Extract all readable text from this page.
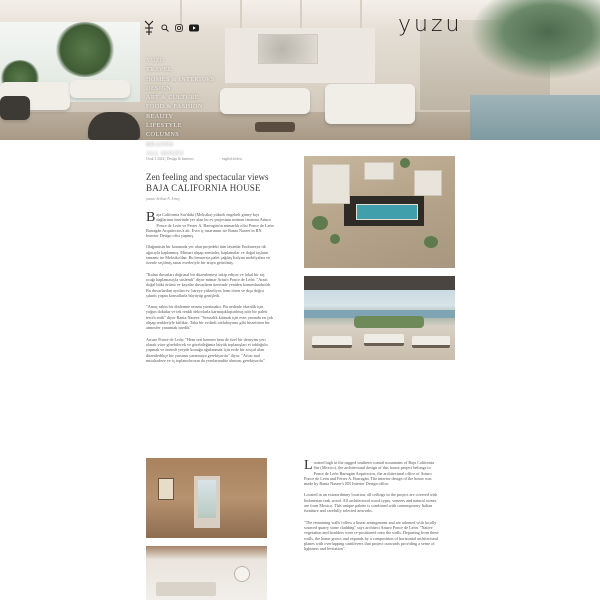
yuzu
YUZU
TRAVEL
HOMES & INTERIORS
DESIGN
ART & CULTURE
FOOD & FASHION
BEAUTY
LIFESTYLE
COLUMNS
BRANDS
ALL ISSUES
Ocak 5 2024 | Design & Interiors	english below
Zen feeling and spectacular views
BAJA CALIFORNIA HOUSE
yazan: Serkan N. Ersoy

Baja California Sur'daki (Meksika) yüksek engebeli güney kıyı dağlarının üzerinde yer alan bu ev projesinin mimarı tasarımı Arturo Ponce de León ve Ferrer A. Barragán'ın mimarlık ofisi Ponce de León Barragán Arquitectos'a ait. Evin iç tasarımını ise Rania Naseer'ın RN Interior Design ofisi yapmış.

Olağanüstü bir konumda yer alan projedeki tüm tavanlar Endonezya tik ağacıyla kaplanmış. Mimari ahşap zeminler, kaplamalar ve doğal taşların tamamı ise Meksika'dan. Bu benzersiz palet çağdaş İtalyan mobilyaları ve özenle seçilmiş sanat eserleriyle bir araya getirilmiş.

"Kalan duvarları doğrusal bir düzenlemeyi takip ediyor ve lokal bir taş ocağı kaplamasıyla süslendi" diyor mimar Arturo Ponce de León. "Arazi doğal bitki örtüsü ve kayalar duvarların üzerinde yeniden konumlandırıldı. Bu duvarlardan ayrılan ev, hareye yükseliyor, hem tören ve dışa doğru çıkıntı yapan konsollarla büyüyüp genişledi.

"Amaç sakin bir dinlenme ortamı yaratmaktı. Bu nedenle ekrinlik için yoğun dokular ve tek renkli dekorlarla karmaşıklaştırılmış nötr bir paleti tercih ettik" diyor Rania Naseer. "Sessizlik katmak için evin yanında en çok ahşap renkleriyle birlikte. Taka bir evdirdi otelaboyunu gibi hissettiren bir atmosfer yaratmak istedik"

Arturo Ponce de León: "Hem sert hemem hem de özel bir deneyim yerı olarak yüce görebilecek ve görebileğimiz büyük toplanışları et tabloğulu yapmak ve önemli yeryde konuğa ağırlanmak için evde bir sosyal alan düzenledikçe bir yarsunu yaratmaya gerekiyordu" diyor. "Artısı mal mısalızdeze ve iç toplanırlırozın da yerelarınıdüz olmuısı gerekiyordu".

Located high in the rugged southern coastal mountains of Baja California Sur (Mexico), the architectural design of this house project belongs to Ponce de León Barragán Arquitectos, the architectural office of Arturo Ponce de León and Ferrer A. Barragán. The interior design of the house was made by Rania Naseer's RN Interior Design office.

Located in an extraordinary location, all ceilings in the project are covered with Indonesian teak wood. All architectural wood types, veneers and natural stones are from Mexico. This unique palette is combined with contemporary Italian furniture and carefully selected artworks.

"The remaining walls follow a linear arrangement and are adorned with locally sourced quarry stone cladding" says architect Arturo Ponce de León. "Native vegetation and boulders were re-positioned onto the walls. Departing from these walls, the home grows and expands by a composition of horizontal architectural planes with overlapping cantilevers that project outwards providing a sense of lightness and levitation".
